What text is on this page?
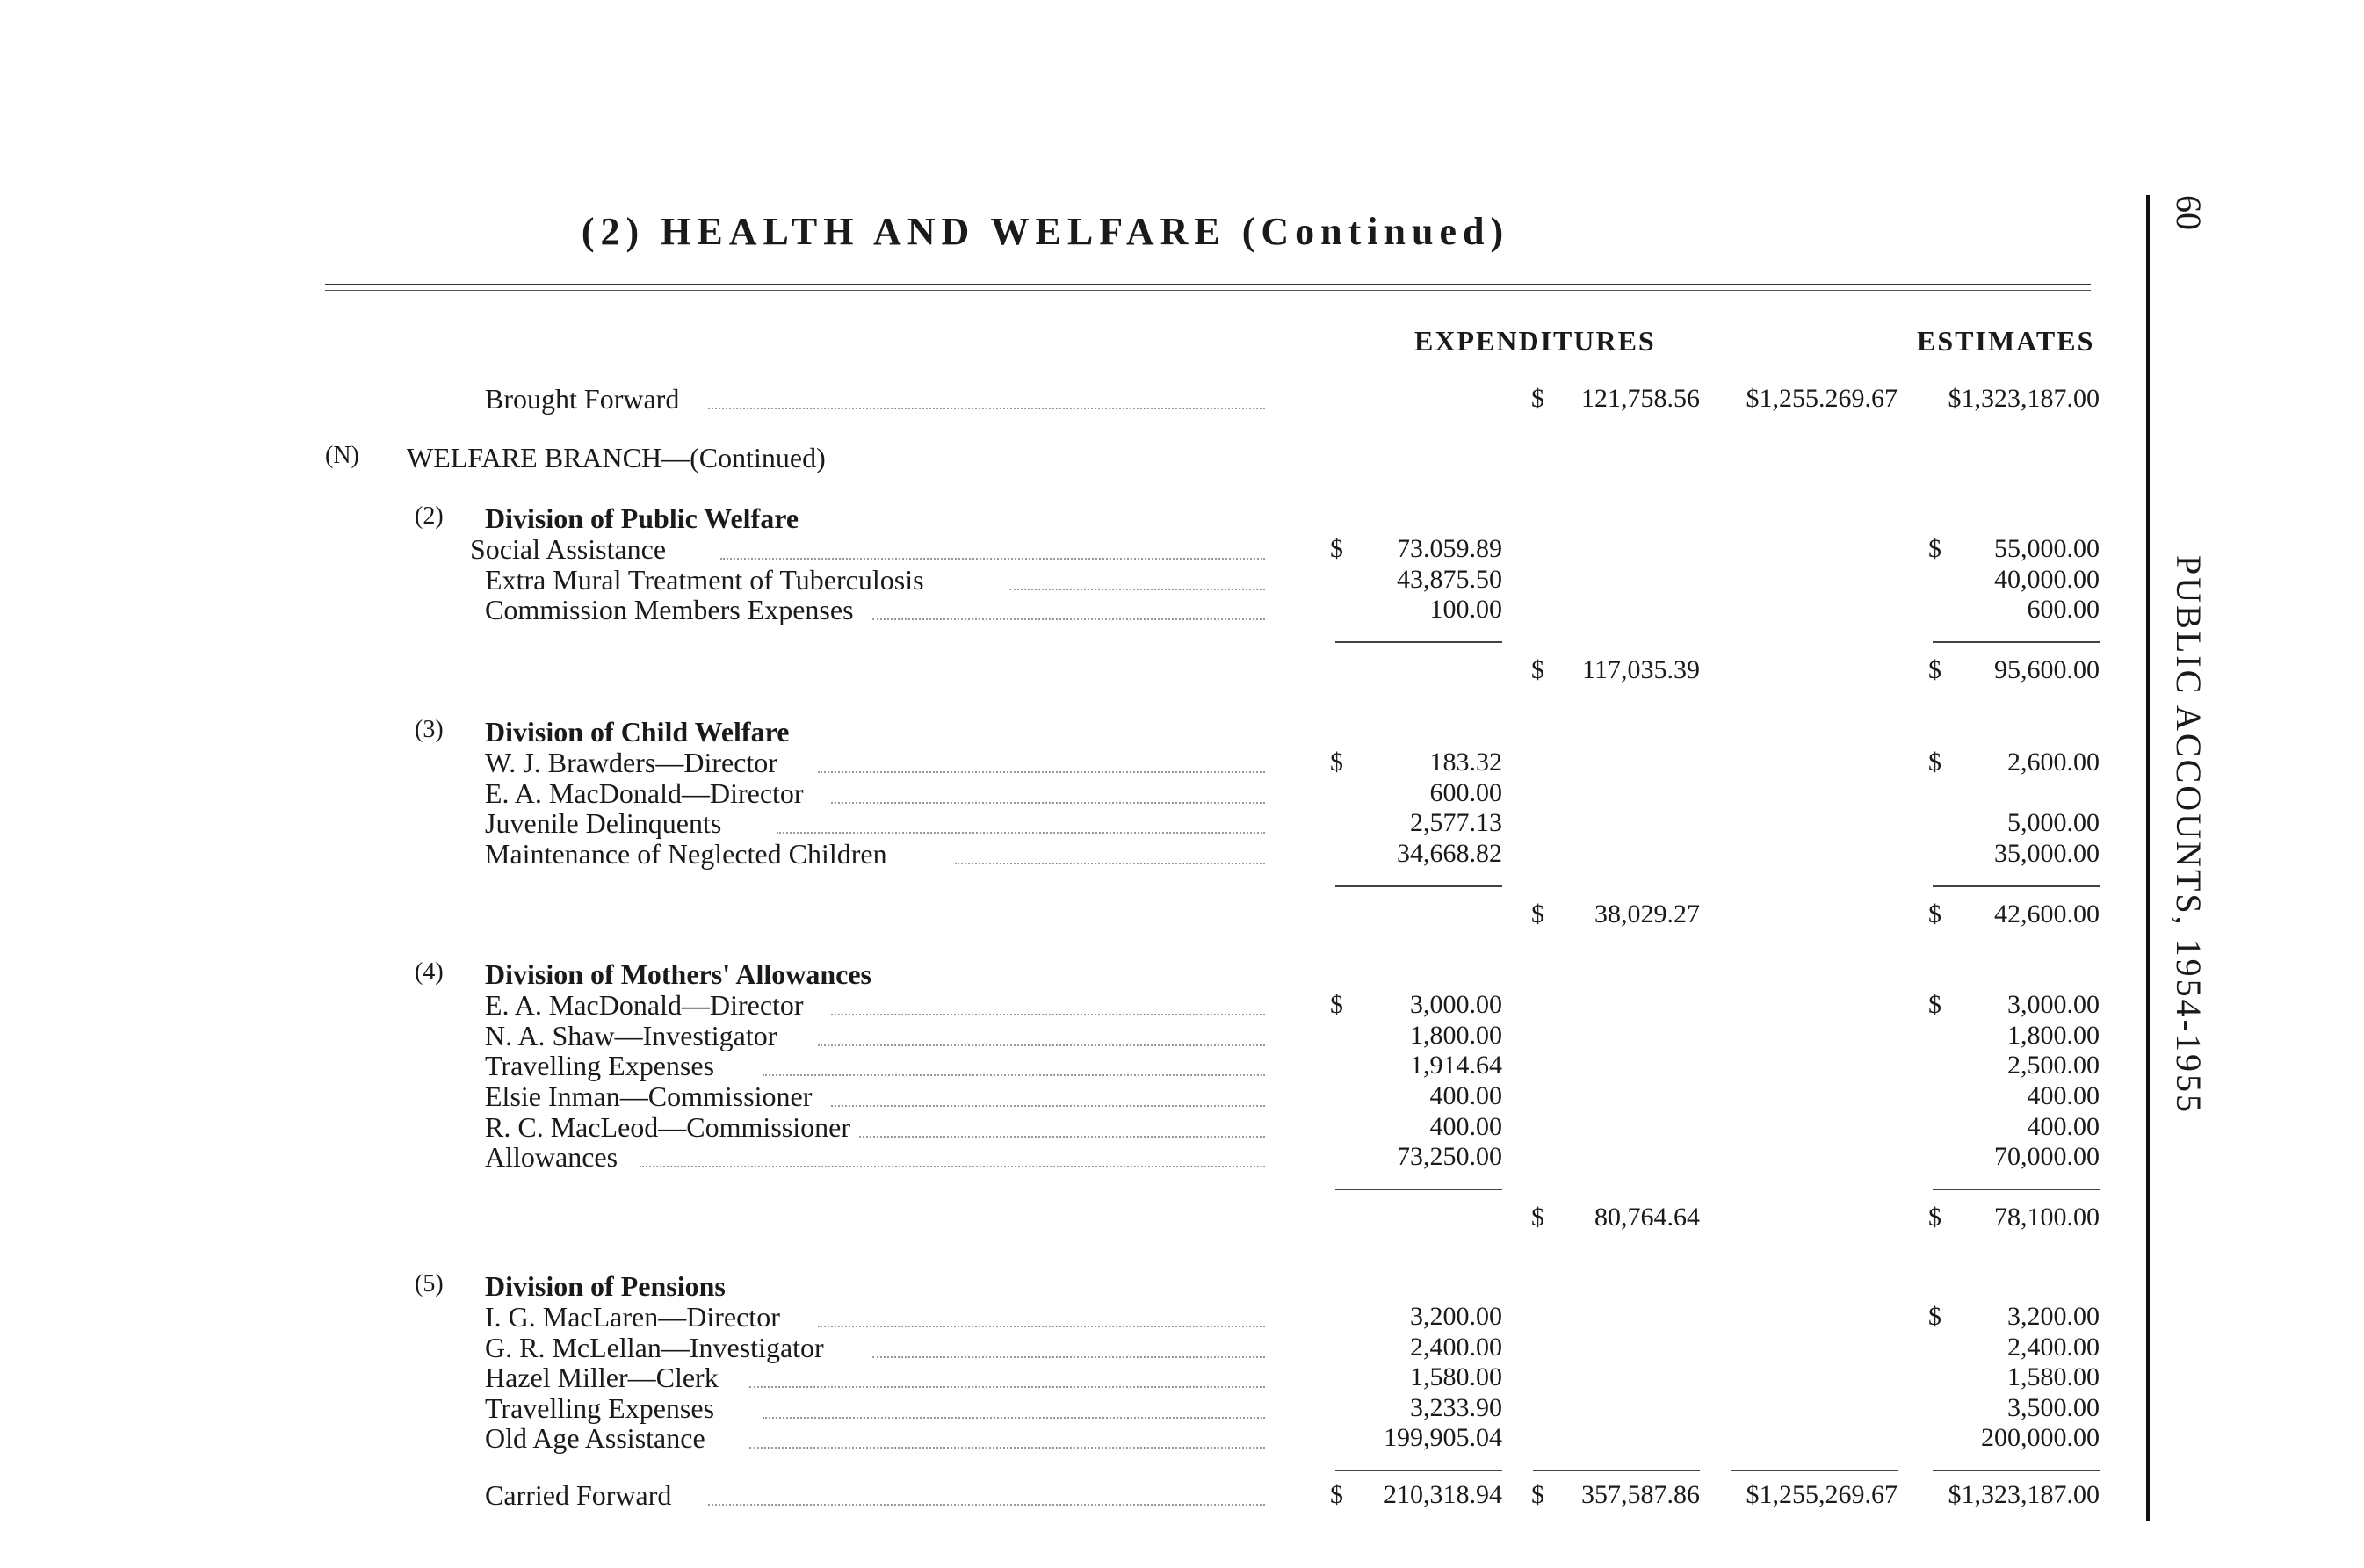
(2) HEALTH AND WELFARE (Continued)
EXPENDITURES	ESTIMATES
60
PUBLIC ACCOUNTS, 1954-1955
Brought Forward	$	121,758.56	$1,255.269.67	$1,323,187.00
(N) WELFARE BRANCH—(Continued)
(2) Division of Public Welfare
Social Assistance	$	73.059.89	$	55,000.00
Extra Mural Treatment of Tuberculosis	43,875.50	40,000.00
Commission Members Expenses	100.00	600.00
$	117,035.39	$	95,600.00
(3) Division of Child Welfare
W. J. Brawders—Director	$	183.32	$	2,600.00
E. A. MacDonald—Director	600.00
Juvenile Delinquents	2,577.13	5,000.00
Maintenance of Neglected Children	34,668.82	35,000.00
$	38,029.27	$	42,600.00
(4) Division of Mothers' Allowances
E. A. MacDonald—Director	$	3,000.00	$	3,000.00
N. A. Shaw—Investigator	1,800.00	1,800.00
Travelling Expenses	1,914.64	2,500.00
Elsie Inman—Commissioner	400.00	400.00
R. C. MacLeod—Commissioner	400.00	400.00
Allowances	73,250.00	70,000.00
$	80,764.64	$	78,100.00
(5) Division of Pensions
I. G. MacLaren—Director	3,200.00	$	3,200.00
G. R. McLellan—Investigator	2,400.00	2,400.00
Hazel Miller—Clerk	1,580.00	1,580.00
Travelling Expenses	3,233.90	3,500.00
Old Age Assistance	199,905.04	200,000.00
Carried Forward	$	210,318.94 $	357,587.86	$1,255,269.67	$1,323,187.00
